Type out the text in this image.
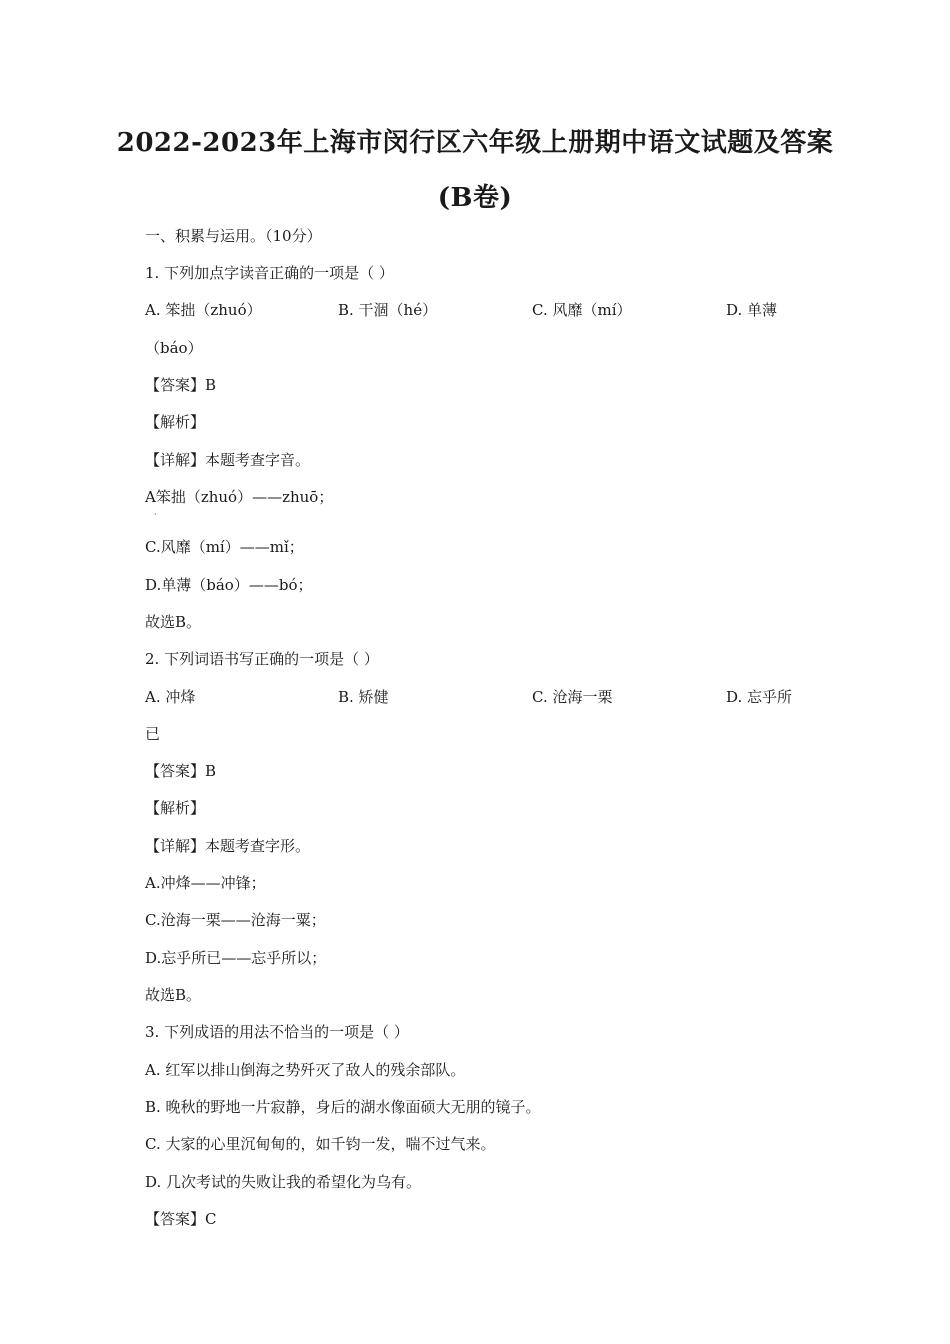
2022-2023年上海市闵行区六年级上册期中语文试题及答案
(B卷)
一、积累与运用。（10分）
1. 下列加点字读音正确的一项是（ ）
A. 笨拙（zhuó）	B. 干涸（hé）	C. 风靡（mí）	D. 单薄
（báo）
【答案】B
【解析】
【详解】本题考查字音。
A笨拙（zhuó）——zhuō；
·
C.风靡（mí）——mǐ；
D.单薄（báo）——bó；
故选B。
2. 下列词语书写正确的一项是（ ）
A. 冲烽	B. 矫健	C. 沧海一栗	D. 忘乎所
已
【答案】B
【解析】
【详解】本题考查字形。
A.冲烽——冲锋；
C.沧海一栗——沧海一粟；
D.忘乎所已——忘乎所以；
故选B。
3. 下列成语的用法不恰当的一项是（ ）
A. 红军以排山倒海之势歼灭了敌人的残余部队。
B. 晚秋的野地一片寂静，身后的湖水像面硕大无朋的镜子。
C. 大家的心里沉甸甸的，如千钧一发，喘不过气来。
D. 几次考试的失败让我的希望化为乌有。
【答案】C
